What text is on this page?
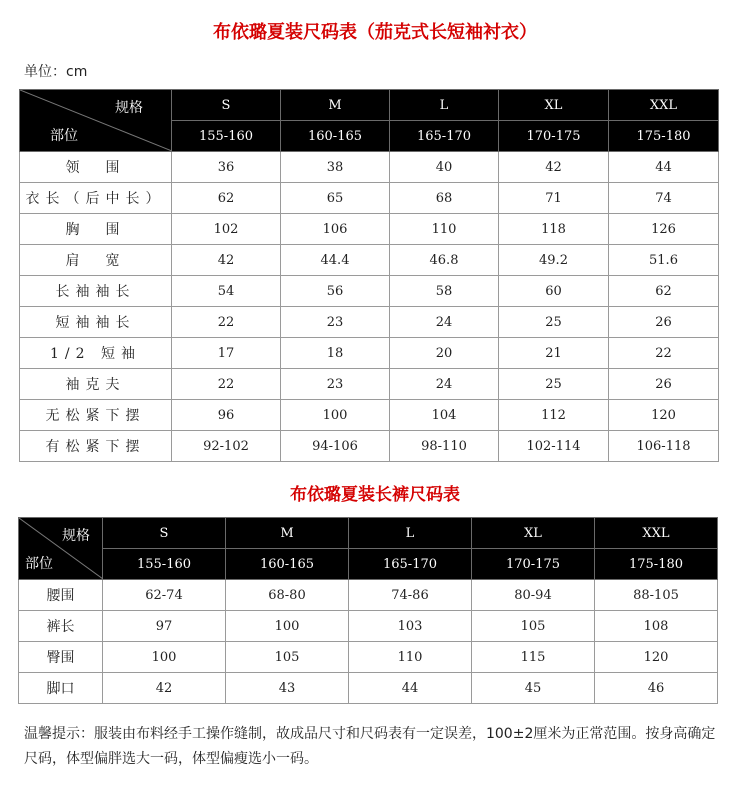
布依璐夏装尺码表（茄克式长短袖衬衣）
单位：cm
规格
部位	S	M	L	XL	XXL
	155-160	160-165	165-170	170-175	175-180
领　围	36	38	40	42	44
衣长（后中长）	62	65	68	71	74
胸　围	102	106	110	118	126
肩　宽	42	44.4	46.8	49.2	51.6
长袖袖长	54	56	58	60	62
短袖袖长	22	23	24	25	26
1/2 短袖	17	18	20	21	22
袖克夫	22	23	24	25	26
无松紧下摆	96	100	104	112	120
有松紧下摆	92-102	94-106	98-110	102-114	106-118
布依璐夏装长裤尺码表
规格
部位	S	M	L	XL	XXL
	155-160	160-165	165-170	170-175	175-180
腰围	62-74	68-80	74-86	80-94	88-105
裤长	97	100	103	105	108
臀围	100	105	110	115	120
脚口	42	43	44	45	46
温馨提示：服装由布料经手工操作缝制，故成品尺寸和尺码表有一定误差，100±2厘米为正常范围。按身高确定尺码，体型偏胖选大一码，体型偏瘦选小一码。
